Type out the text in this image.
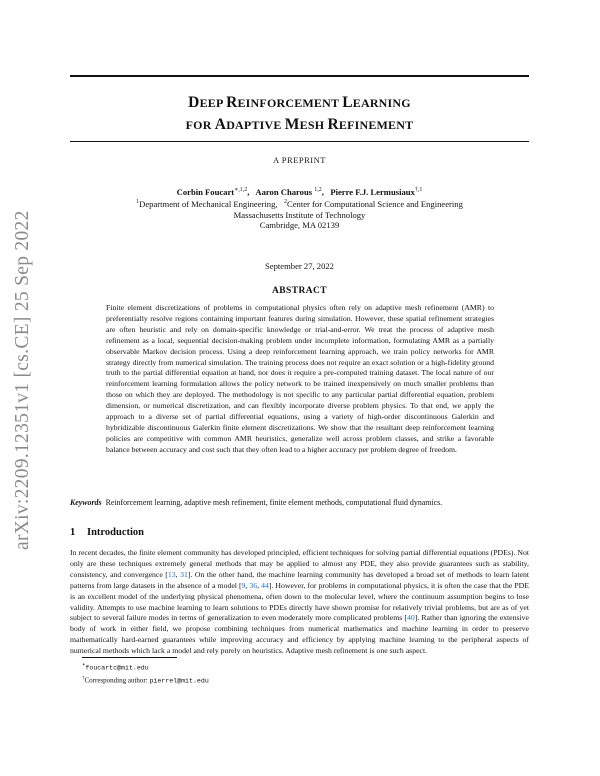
arXiv:2209.12351v1 [cs.CE] 25 Sep 2022
DEEP REINFORCEMENT LEARNING
FOR ADAPTIVE MESH REFINEMENT
A PREPRINT
Corbin Foucart$^{∗,1,2}$,   Aaron Charous $^{1,2}$,   Pierre F.J. Lermusiaux$^{\dagger,1}$
$^1$Department of Mechanical Engineering, $^2$Center for Computational Science and Engineering
Massachusetts Institute of Technology
Cambridge, MA 02139
September 27, 2022
ABSTRACT
Finite element discretizations of problems in computational physics often rely on adaptive mesh refinement (AMR) to preferentially resolve regions containing important features during simulation. However, these spatial refinement strategies are often heuristic and rely on domain-specific knowledge or trial-and-error. We treat the process of adaptive mesh refinement as a local, sequential decision-making problem under incomplete information, formulating AMR as a partially observable Markov decision process. Using a deep reinforcement learning approach, we train policy networks for AMR strategy directly from numerical simulation. The training process does not require an exact solution or a high-fidelity ground truth to the partial differential equation at hand, nor does it require a pre-computed training dataset. The local nature of our reinforcement learning formulation allows the policy network to be trained inexpensively on much smaller problems than those on which they are deployed. The methodology is not specific to any particular partial differential equation, problem dimension, or numerical discretization, and can flexibly incorporate diverse problem physics. To that end, we apply the approach to a diverse set of partial differential equations, using a variety of high-order discontinuous Galerkin and hybridizable discontinuous Galerkin finite element discretizations. We show that the resultant deep reinforcement learning policies are competitive with common AMR heuristics, generalize well across problem classes, and strike a favorable balance between accuracy and cost such that they often lead to a higher accuracy per problem degree of freedom.
Keywords Reinforcement learning, adaptive mesh refinement, finite element methods, computational fluid dynamics.
1 Introduction
In recent decades, the finite element community has developed principled, efficient techniques for solving partial differential equations (PDEs). Not only are these techniques extremely general methods that may be applied to almost any PDE, they also provide guarantees such as stability, consistency, and convergence [13, 31]. On the other hand, the machine learning community has developed a broad set of methods to learn latent patterns from large datasets in the absence of a model [9, 36, 44]. However, for problems in computational physics, it is often the case that the PDE is an excellent model of the underlying physical phenomena, often down to the molecular level, where the continuum assumption begins to lose validity. Attempts to use machine learning to learn solutions to PDEs directly have shown promise for relatively trivial problems, but are as of yet subject to several failure modes in terms of generalization to even moderately more complicated problems [40]. Rather than ignoring the extensive body of work in either field, we propose combining techniques from numerical mathematics and machine learning in order to preserve mathematically hard-earned guarantees while improving accuracy and efficiency by applying machine learning to the peripheral aspects of numerical methods which lack a model and rely purely on heuristics. Adaptive mesh refinement is one such aspect.
∗foucartc@mit.edu
†Corresponding author: pierrel@mit.edu
